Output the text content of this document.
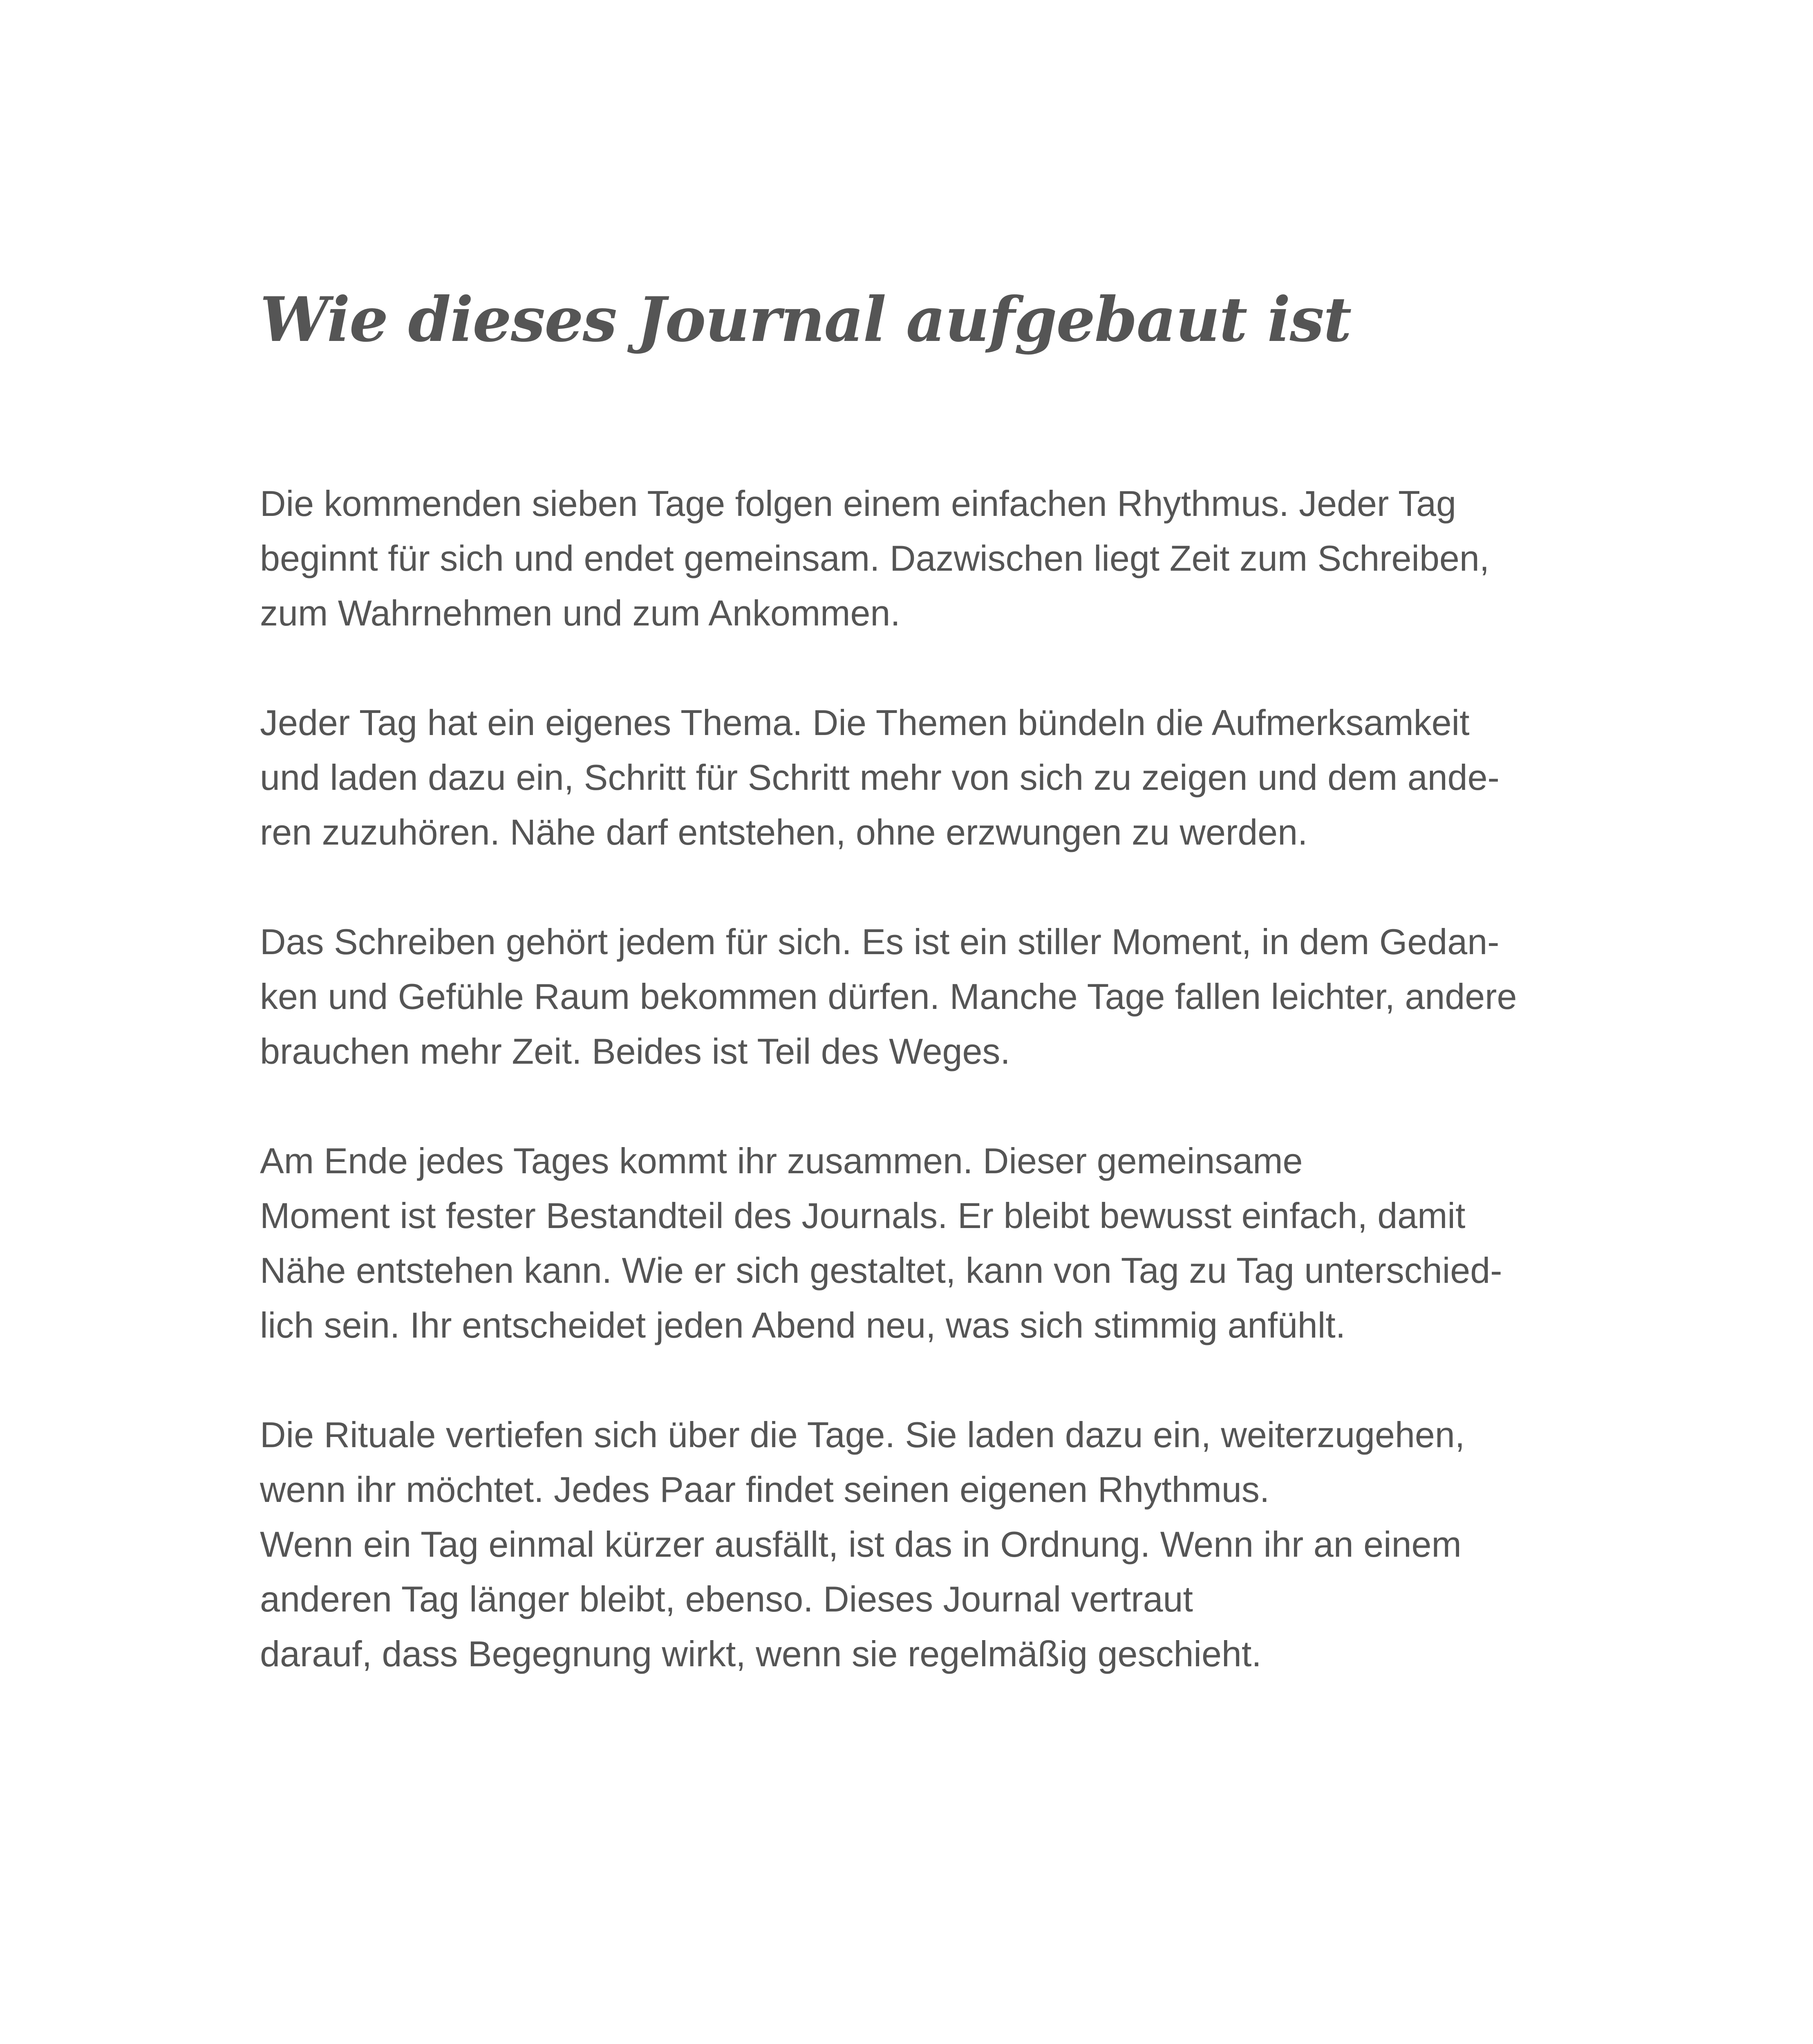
Wie dieses Journal aufgebaut ist

Die kommenden sieben Tage folgen einem einfachen Rhythmus. Jeder Tag
beginnt für sich und endet gemeinsam. Dazwischen liegt Zeit zum Schreiben,
zum Wahrnehmen und zum Ankommen.

Jeder Tag hat ein eigenes Thema. Die Themen bündeln die Aufmerksamkeit
und laden dazu ein, Schritt für Schritt mehr von sich zu zeigen und dem ande-
ren zuzuhören. Nähe darf entstehen, ohne erzwungen zu werden.

Das Schreiben gehört jedem für sich. Es ist ein stiller Moment, in dem Gedan-
ken und Gefühle Raum bekommen dürfen. Manche Tage fallen leichter, andere
brauchen mehr Zeit. Beides ist Teil des Weges.

Am Ende jedes Tages kommt ihr zusammen. Dieser gemeinsame
Moment ist fester Bestandteil des Journals. Er bleibt bewusst einfach, damit
Nähe entstehen kann. Wie er sich gestaltet, kann von Tag zu Tag unterschied-
lich sein. Ihr entscheidet jeden Abend neu, was sich stimmig anfühlt.

Die Rituale vertiefen sich über die Tage. Sie laden dazu ein, weiterzugehen,
wenn ihr möchtet. Jedes Paar findet seinen eigenen Rhythmus.
Wenn ein Tag einmal kürzer ausfällt, ist das in Ordnung. Wenn ihr an einem
anderen Tag länger bleibt, ebenso. Dieses Journal vertraut
darauf, dass Begegnung wirkt, wenn sie regelmäßig geschieht.
